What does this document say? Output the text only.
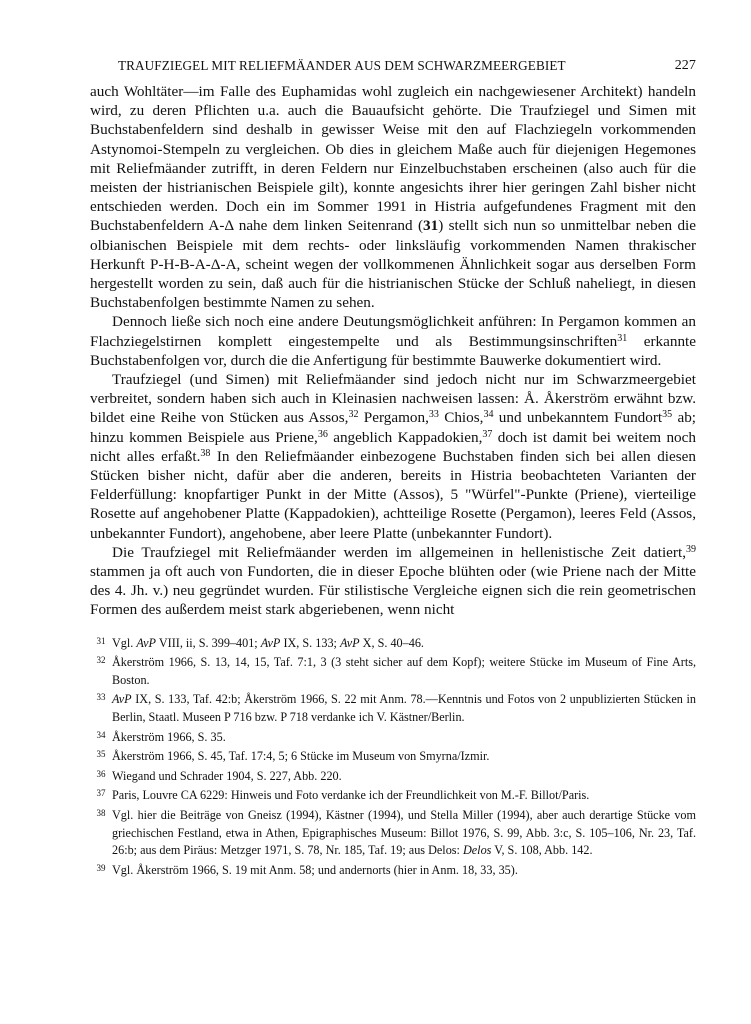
TRAUFZIEGEL MIT RELIEFMÄANDER AUS DEM SCHWARZMEERGEBIET	227

auch Wohltäter—im Falle des Euphamidas wohl zugleich ein nachgewiesener Architekt) handeln wird, zu deren Pflichten u.a. auch die Bauaufsicht gehörte. Die Traufziegel und Simen mit Buchstabenfeldern sind deshalb in gewisser Weise mit den auf Flachziegeln vorkommenden Astynomoi-Stempeln zu vergleichen. Ob dies in gleichem Maße auch für diejenigen Hegemones mit Reliefmäander zutrifft, in deren Feldern nur Einzelbuchstaben erscheinen (also auch für die meisten der histrianischen Beispiele gilt), konnte angesichts ihrer hier geringen Zahl bisher nicht entschieden werden. Doch ein im Sommer 1991 in Histria aufgefundenes Fragment mit den Buchstabenfeldern A-Δ nahe dem linken Seitenrand (31) stellt sich nun so unmittelbar neben die olbianischen Beispiele mit dem rechts- oder linksläufig vorkommenden Namen thrakischer Herkunft P-H-B-A-Δ-A, scheint wegen der vollkommenen Ähnlichkeit sogar aus derselben Form hergestellt worden zu sein, daß auch für die histrianischen Stücke der Schluß naheliegt, in diesen Buchstabenfolgen bestimmte Namen zu sehen.

Dennoch ließe sich noch eine andere Deutungsmöglichkeit anführen: In Pergamon kommen an Flachziegelstirnen komplett eingestempelte und als Bestimmungsinschriften$^{31}$ erkannte Buchstabenfolgen vor, durch die die Anfertigung für bestimmte Bauwerke dokumentiert wird.

Traufziegel (und Simen) mit Reliefmäander sind jedoch nicht nur im Schwarzmeergebiet verbreitet, sondern haben sich auch in Kleinasien nachweisen lassen: Å. Åkerström erwähnt bzw. bildet eine Reihe von Stücken aus Assos,$^{32}$ Pergamon,$^{33}$ Chios,$^{34}$ und unbekanntem Fundort$^{35}$ ab; hinzu kommen Beispiele aus Priene,$^{36}$ angeblich Kappadokien,$^{37}$ doch ist damit bei weitem noch nicht alles erfaßt.$^{38}$ In den Reliefmäander einbezogene Buchstaben finden sich bei allen diesen Stücken bisher nicht, dafür aber die anderen, bereits in Histria beobachteten Varianten der Felderfüllung: knopfartiger Punkt in der Mitte (Assos), 5 "Würfel"-Punkte (Priene), vierteilige Rosette auf angehobener Platte (Kappadokien), achtteilige Rosette (Pergamon), leeres Feld (Assos, unbekannter Fundort), angehobene, aber leere Platte (unbekannter Fundort).

Die Traufziegel mit Reliefmäander werden im allgemeinen in hellenistische Zeit datiert,$^{39}$ stammen ja oft auch von Fundorten, die in dieser Epoche blühten oder (wie Priene nach der Mitte des 4. Jh. v.) neu gegründet wurden. Für stilistische Vergleiche eignen sich die rein geometrischen Formen des außerdem meist stark abgeriebenen, wenn nicht

31 Vgl. AvP VIII, ii, S. 399–401; AvP IX, S. 133; AvP X, S. 40–46.
32 Åkerström 1966, S. 13, 14, 15, Taf. 7:1, 3 (3 steht sicher auf dem Kopf); weitere Stücke im Museum of Fine Arts, Boston.
33 AvP IX, S. 133, Taf. 42:b; Åkerström 1966, S. 22 mit Anm. 78.—Kenntnis und Fotos von 2 unpublizierten Stücken in Berlin, Staatl. Museen P 716 bzw. P 718 verdanke ich V. Kästner/Berlin.
34 Åkerström 1966, S. 35.
35 Åkerström 1966, S. 45, Taf. 17:4, 5; 6 Stücke im Museum von Smyrna/Izmir.
36 Wiegand und Schrader 1904, S. 227, Abb. 220.
37 Paris, Louvre CA 6229: Hinweis und Foto verdanke ich der Freundlichkeit von M.-F. Billot/Paris.
38 Vgl. hier die Beiträge von Gneisz (1994), Kästner (1994), und Stella Miller (1994), aber auch derartige Stücke vom griechischen Festland, etwa in Athen, Epigraphisches Museum: Billot 1976, S. 99, Abb. 3:c, S. 105–106, Nr. 23, Taf. 26:b; aus dem Piräus: Metzger 1971, S. 78, Nr. 185, Taf. 19; aus Delos: Delos V, S. 108, Abb. 142.
39 Vgl. Åkerström 1966, S. 19 mit Anm. 58; und andernorts (hier in Anm. 18, 33, 35).
